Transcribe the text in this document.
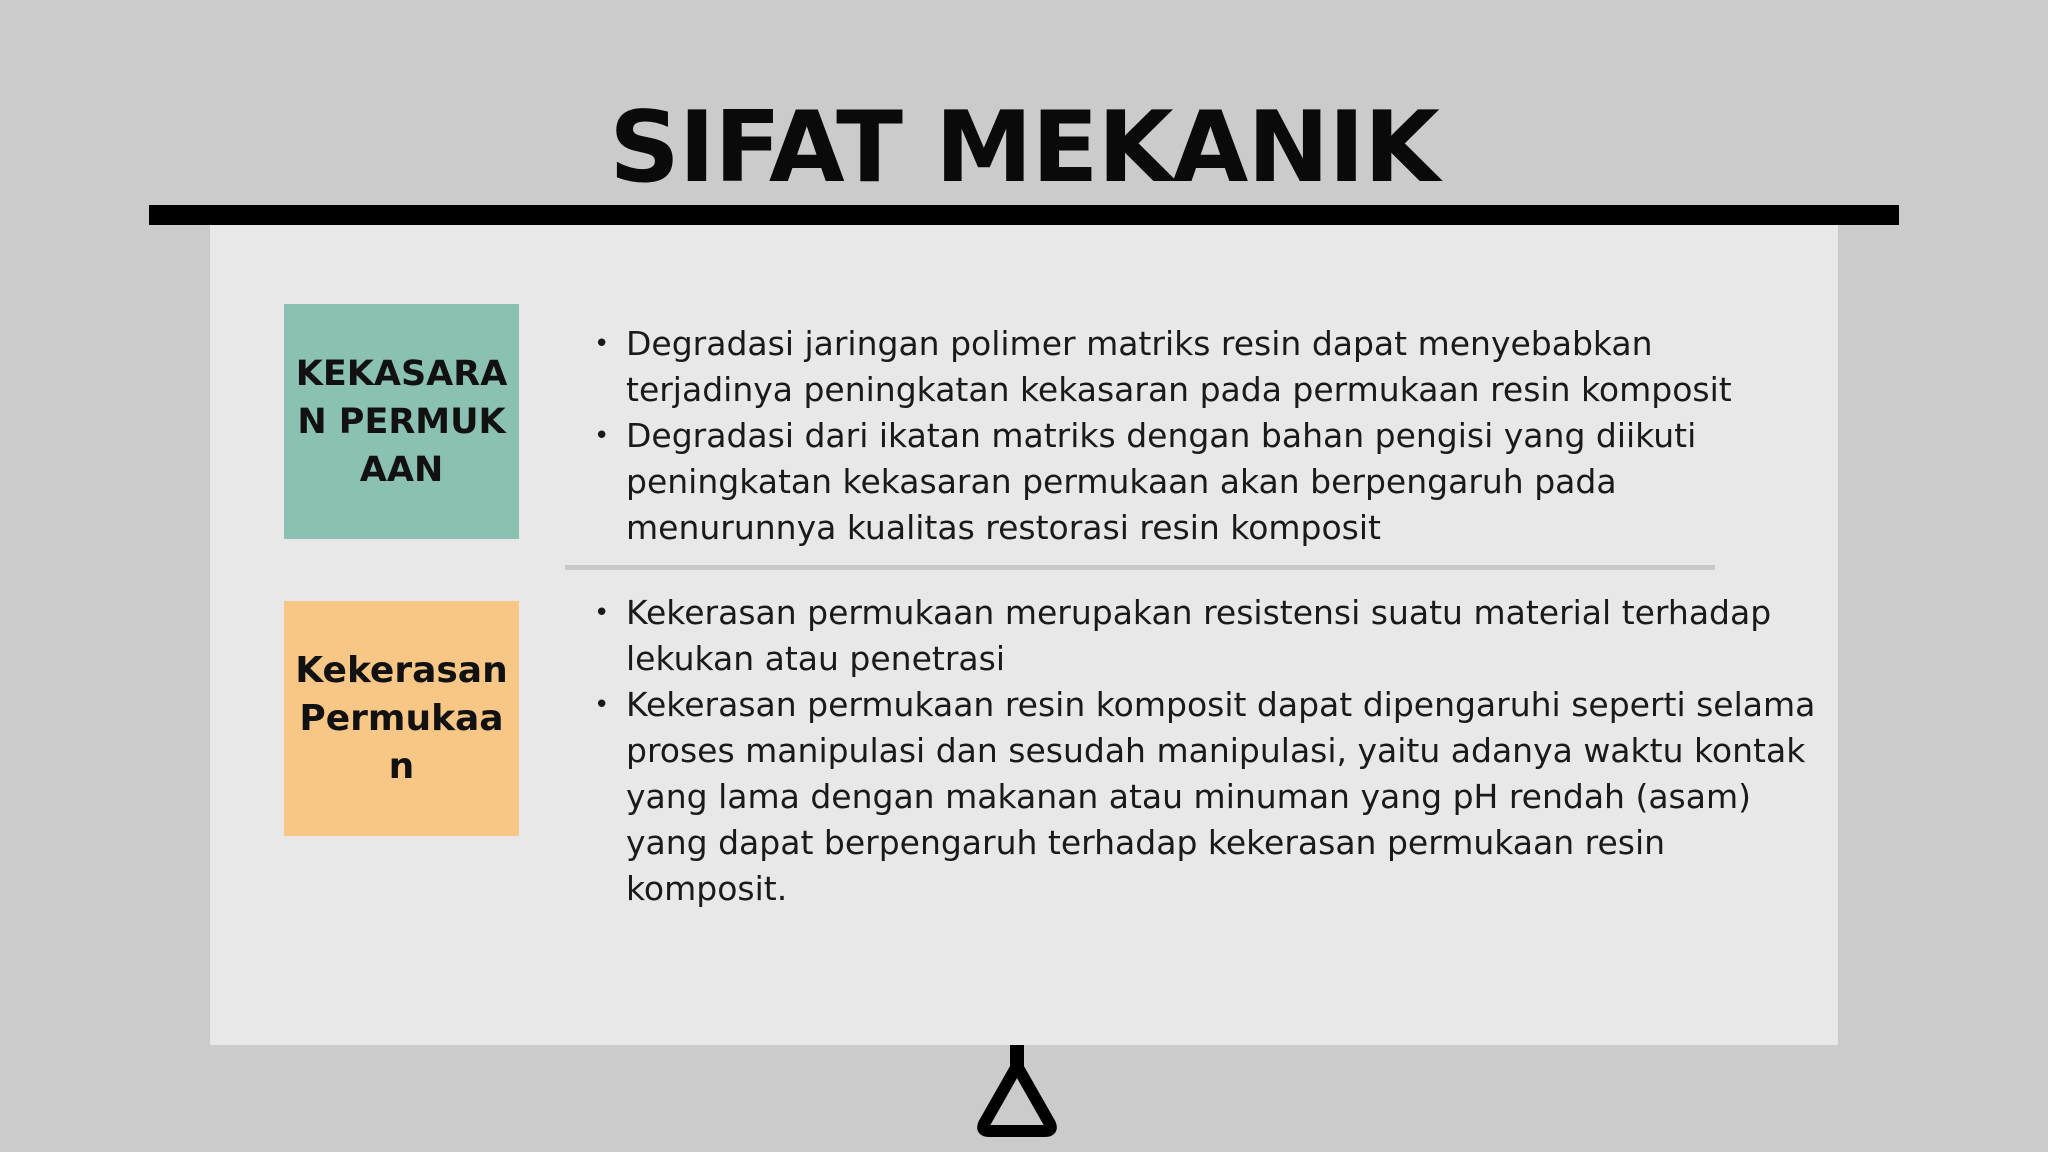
SIFAT MEKANIK
KEKASARAN PERMUKAAN
• Degradasi jaringan polimer matriks resin dapat menyebabkan terjadinya peningkatan kekasaran pada permukaan resin komposit
• Degradasi dari ikatan matriks dengan bahan pengisi yang diikuti peningkatan kekasaran permukaan akan berpengaruh pada menurunnya kualitas restorasi resin komposit
Kekerasan Permukaan
• Kekerasan permukaan merupakan resistensi suatu material terhadap lekukan atau penetrasi
• Kekerasan permukaan resin komposit dapat dipengaruhi seperti selama proses manipulasi dan sesudah manipulasi, yaitu adanya waktu kontak yang lama dengan makanan atau minuman yang pH rendah (asam) yang dapat berpengaruh terhadap kekerasan permukaan resin komposit.
